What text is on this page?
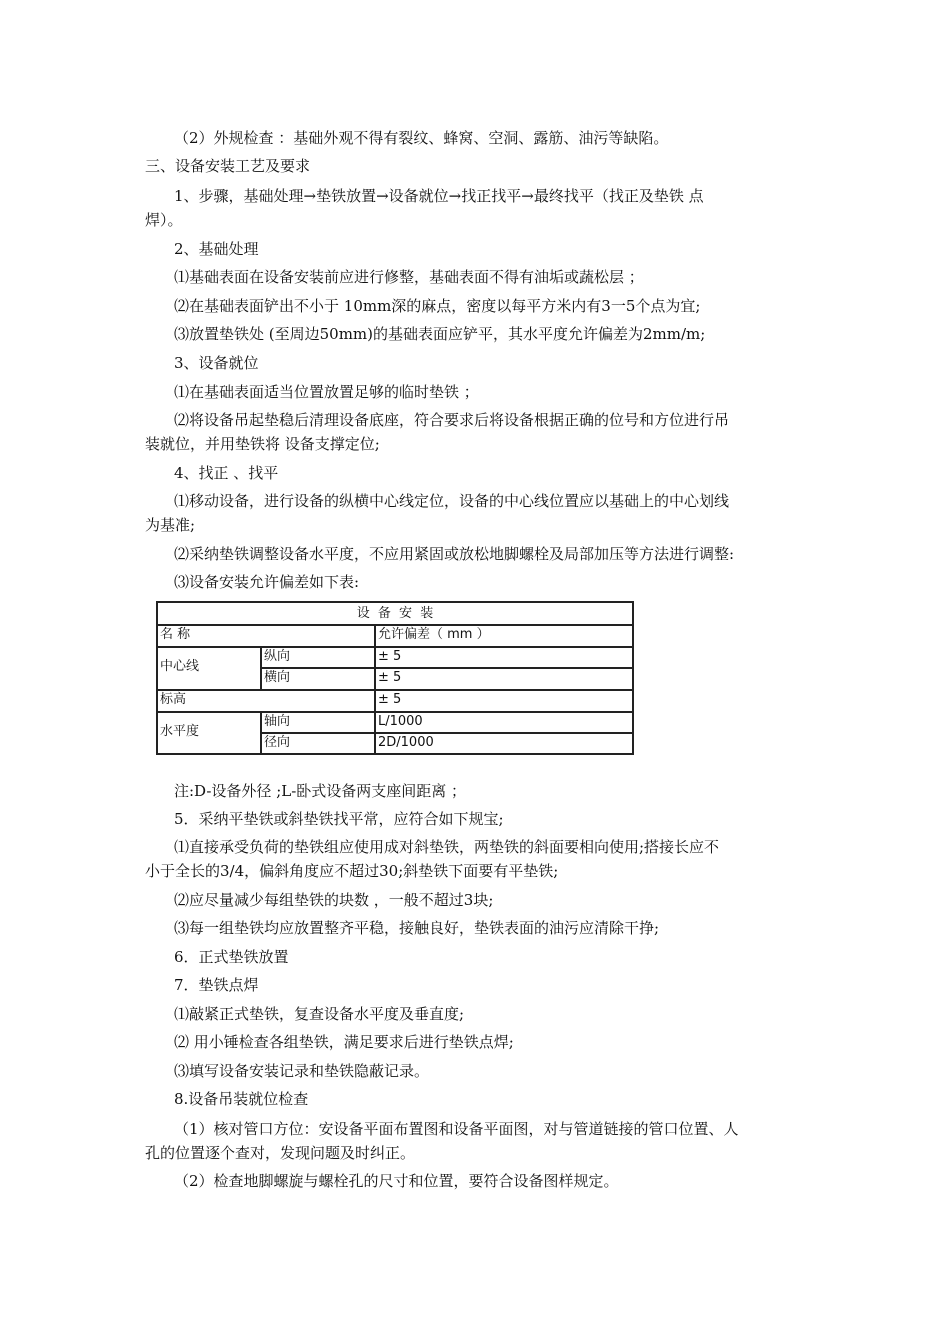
（2）外规检查 ：基础外观不得有裂纹、蜂窝、空洞、露筋、油污等缺陷。
三、设备安装工艺及要求
1、步骤，基础处理→垫铁放置→设备就位→找正找平→最终找平（找正及垫铁 点
焊）。
2、基础处理
⑴基础表面在设备安装前应进行修整，基础表面不得有油垢或蔬松层 ；
⑵在基础表面铲出不小于 10mm深的麻点，密度以每平方米内有3一5个点为宜;
⑶放置垫铁处 (至周边50mm)的基础表面应铲平，其水平度允许偏差为2mm/m;
3、设备就位
⑴在基础表面适当位置放置足够的临时垫铁 ；
⑵将设备吊起垫稳后清理设备底座，符合要求后将设备根据正确的位号和方位进行吊
装就位，并用垫铁将 设备支撑定位;
4、找正 、找平
⑴移动设备，进行设备的纵横中心线定位，设备的中心线位置应以基础上的中心划线
为基准;
⑵采纳垫铁调整设备水平度，不应用紧固或放松地脚螺栓及局部加压等方法进行调整:
⑶设备安装允许偏差如下表:
设 备 安 装
名 称	允许偏差（ mm ）
中心线
纵向	± 5
横向	± 5
标高	± 5
水平度
轴向	L/1000
径向	2D/1000
注:D-设备外径 ;L-卧式设备两支座间距离 ；
5．采纳平垫铁或斜垫铁找平常，应符合如下规宝;
⑴直接承受负荷的垫铁组应使用成对斜垫铁，两垫铁的斜面要相向使用;搭接长应不
小于全长的3/4，偏斜角度应不超过30;斜垫铁下面要有平垫铁;
⑵应尽量减少每组垫铁的块数 ，一般不超过3块;
⑶每一组垫铁均应放置整齐平稳，接触良好，垫铁表面的油污应清除干挣;
6．正式垫铁放置
7．垫铁点焊
⑴敲紧正式垫铁，复查设备水平度及垂直度;
⑵ 用小锤检查各组垫铁，满足要求后进行垫铁点焊;
⑶填写设备安装记录和垫铁隐蔽记录。
8.设备吊装就位检查
（1）核对管口方位：安设备平面布置图和设备平面图，对与管道链接的管口位置、人
孔的位置逐个查对，发现问题及时纠正。
（2）检查地脚螺旋与螺栓孔的尺寸和位置，要符合设备图样规定。
